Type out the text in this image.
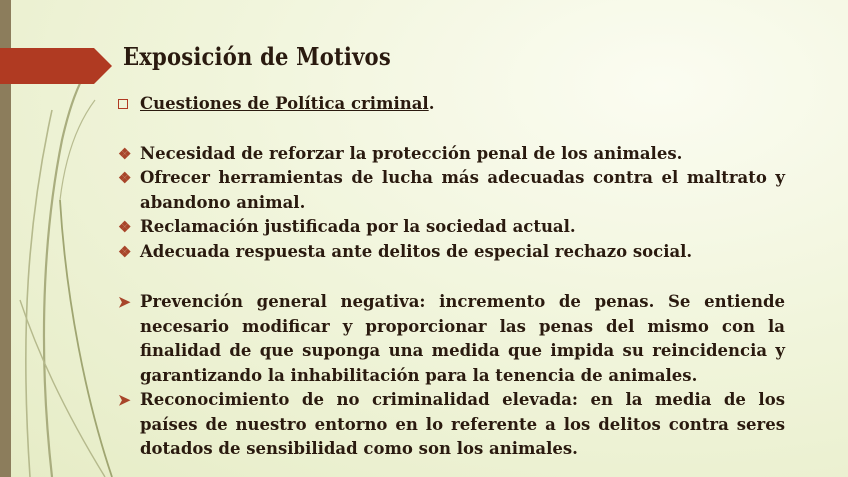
Exposición de Motivos
Cuestiones de Política criminal.
❖ Necesidad de reforzar la protección penal de los animales.
❖ Ofrecer herramientas de lucha más adecuadas contra el maltrato y abandono animal.
❖ Reclamación justificada por la sociedad actual.
❖ Adecuada respuesta ante delitos de especial rechazo social.
➤ Prevención general negativa: incremento de penas. Se entiende necesario modificar y proporcionar las penas del mismo con la finalidad de que suponga una medida que impida su reincidencia y garantizando la inhabilitación para la tenencia de animales.
➤ Reconocimiento de no criminalidad elevada: en la media de los países de nuestro entorno en lo referente a los delitos contra seres dotados de sensibilidad como son los animales.
